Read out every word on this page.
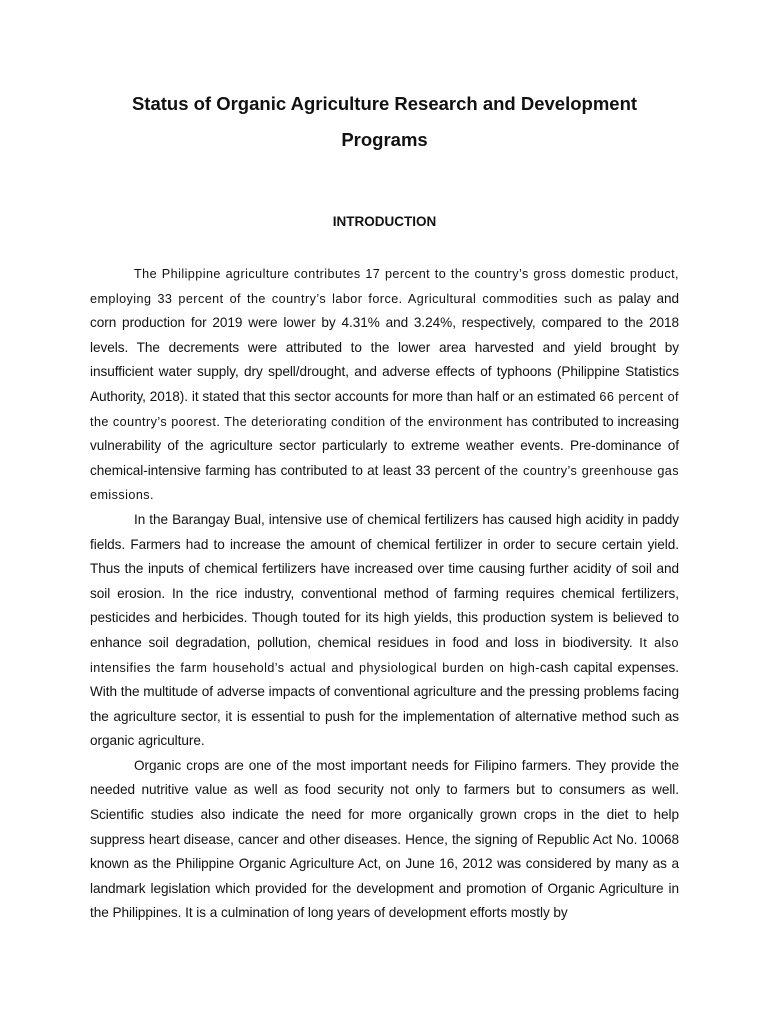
Status of Organic Agriculture Research and Development Programs
INTRODUCTION

The Philippine agriculture contributes 17 percent to the country’s gross domestic product, employing 33 percent of the country’s labor force. Agricultural commodities such as palay and corn production for 2019 were lower by 4.31% and 3.24%, respectively, compared to the 2018 levels. The decrements were attributed to the lower area harvested and yield brought by insufficient water supply, dry spell/drought, and adverse effects of typhoons (Philippine Statistics Authority, 2018). it stated that this sector accounts for more than half or an estimated 66 percent of the country’s poorest. The deteriorating condition of the environment has contributed to increasing vulnerability of the agriculture sector particularly to extreme weather events. Pre-dominance of chemical-intensive farming has contributed to at least 33 percent of the country’s greenhouse gas emissions.

In the Barangay Bual, intensive use of chemical fertilizers has caused high acidity in paddy fields. Farmers had to increase the amount of chemical fertilizer in order to secure certain yield. Thus the inputs of chemical fertilizers have increased over time causing further acidity of soil and soil erosion. In the rice industry, conventional method of farming requires chemical fertilizers, pesticides and herbicides. Though touted for its high yields, this production system is believed to enhance soil degradation, pollution, chemical residues in food and loss in biodiversity. It also intensifies the farm household’s actual and physiological burden on high-cash capital expenses. With the multitude of adverse impacts of conventional agriculture and the pressing problems facing the agriculture sector, it is essential to push for the implementation of alternative method such as organic agriculture.

Organic crops are one of the most important needs for Filipino farmers. They provide the needed nutritive value as well as food security not only to farmers but to consumers as well. Scientific studies also indicate the need for more organically grown crops in the diet to help suppress heart disease, cancer and other diseases. Hence, the signing of Republic Act No. 10068 known as the Philippine Organic Agriculture Act, on June 16, 2012 was considered by many as a landmark legislation which provided for the development and promotion of Organic Agriculture in the Philippines. It is a culmination of long years of development efforts mostly by
